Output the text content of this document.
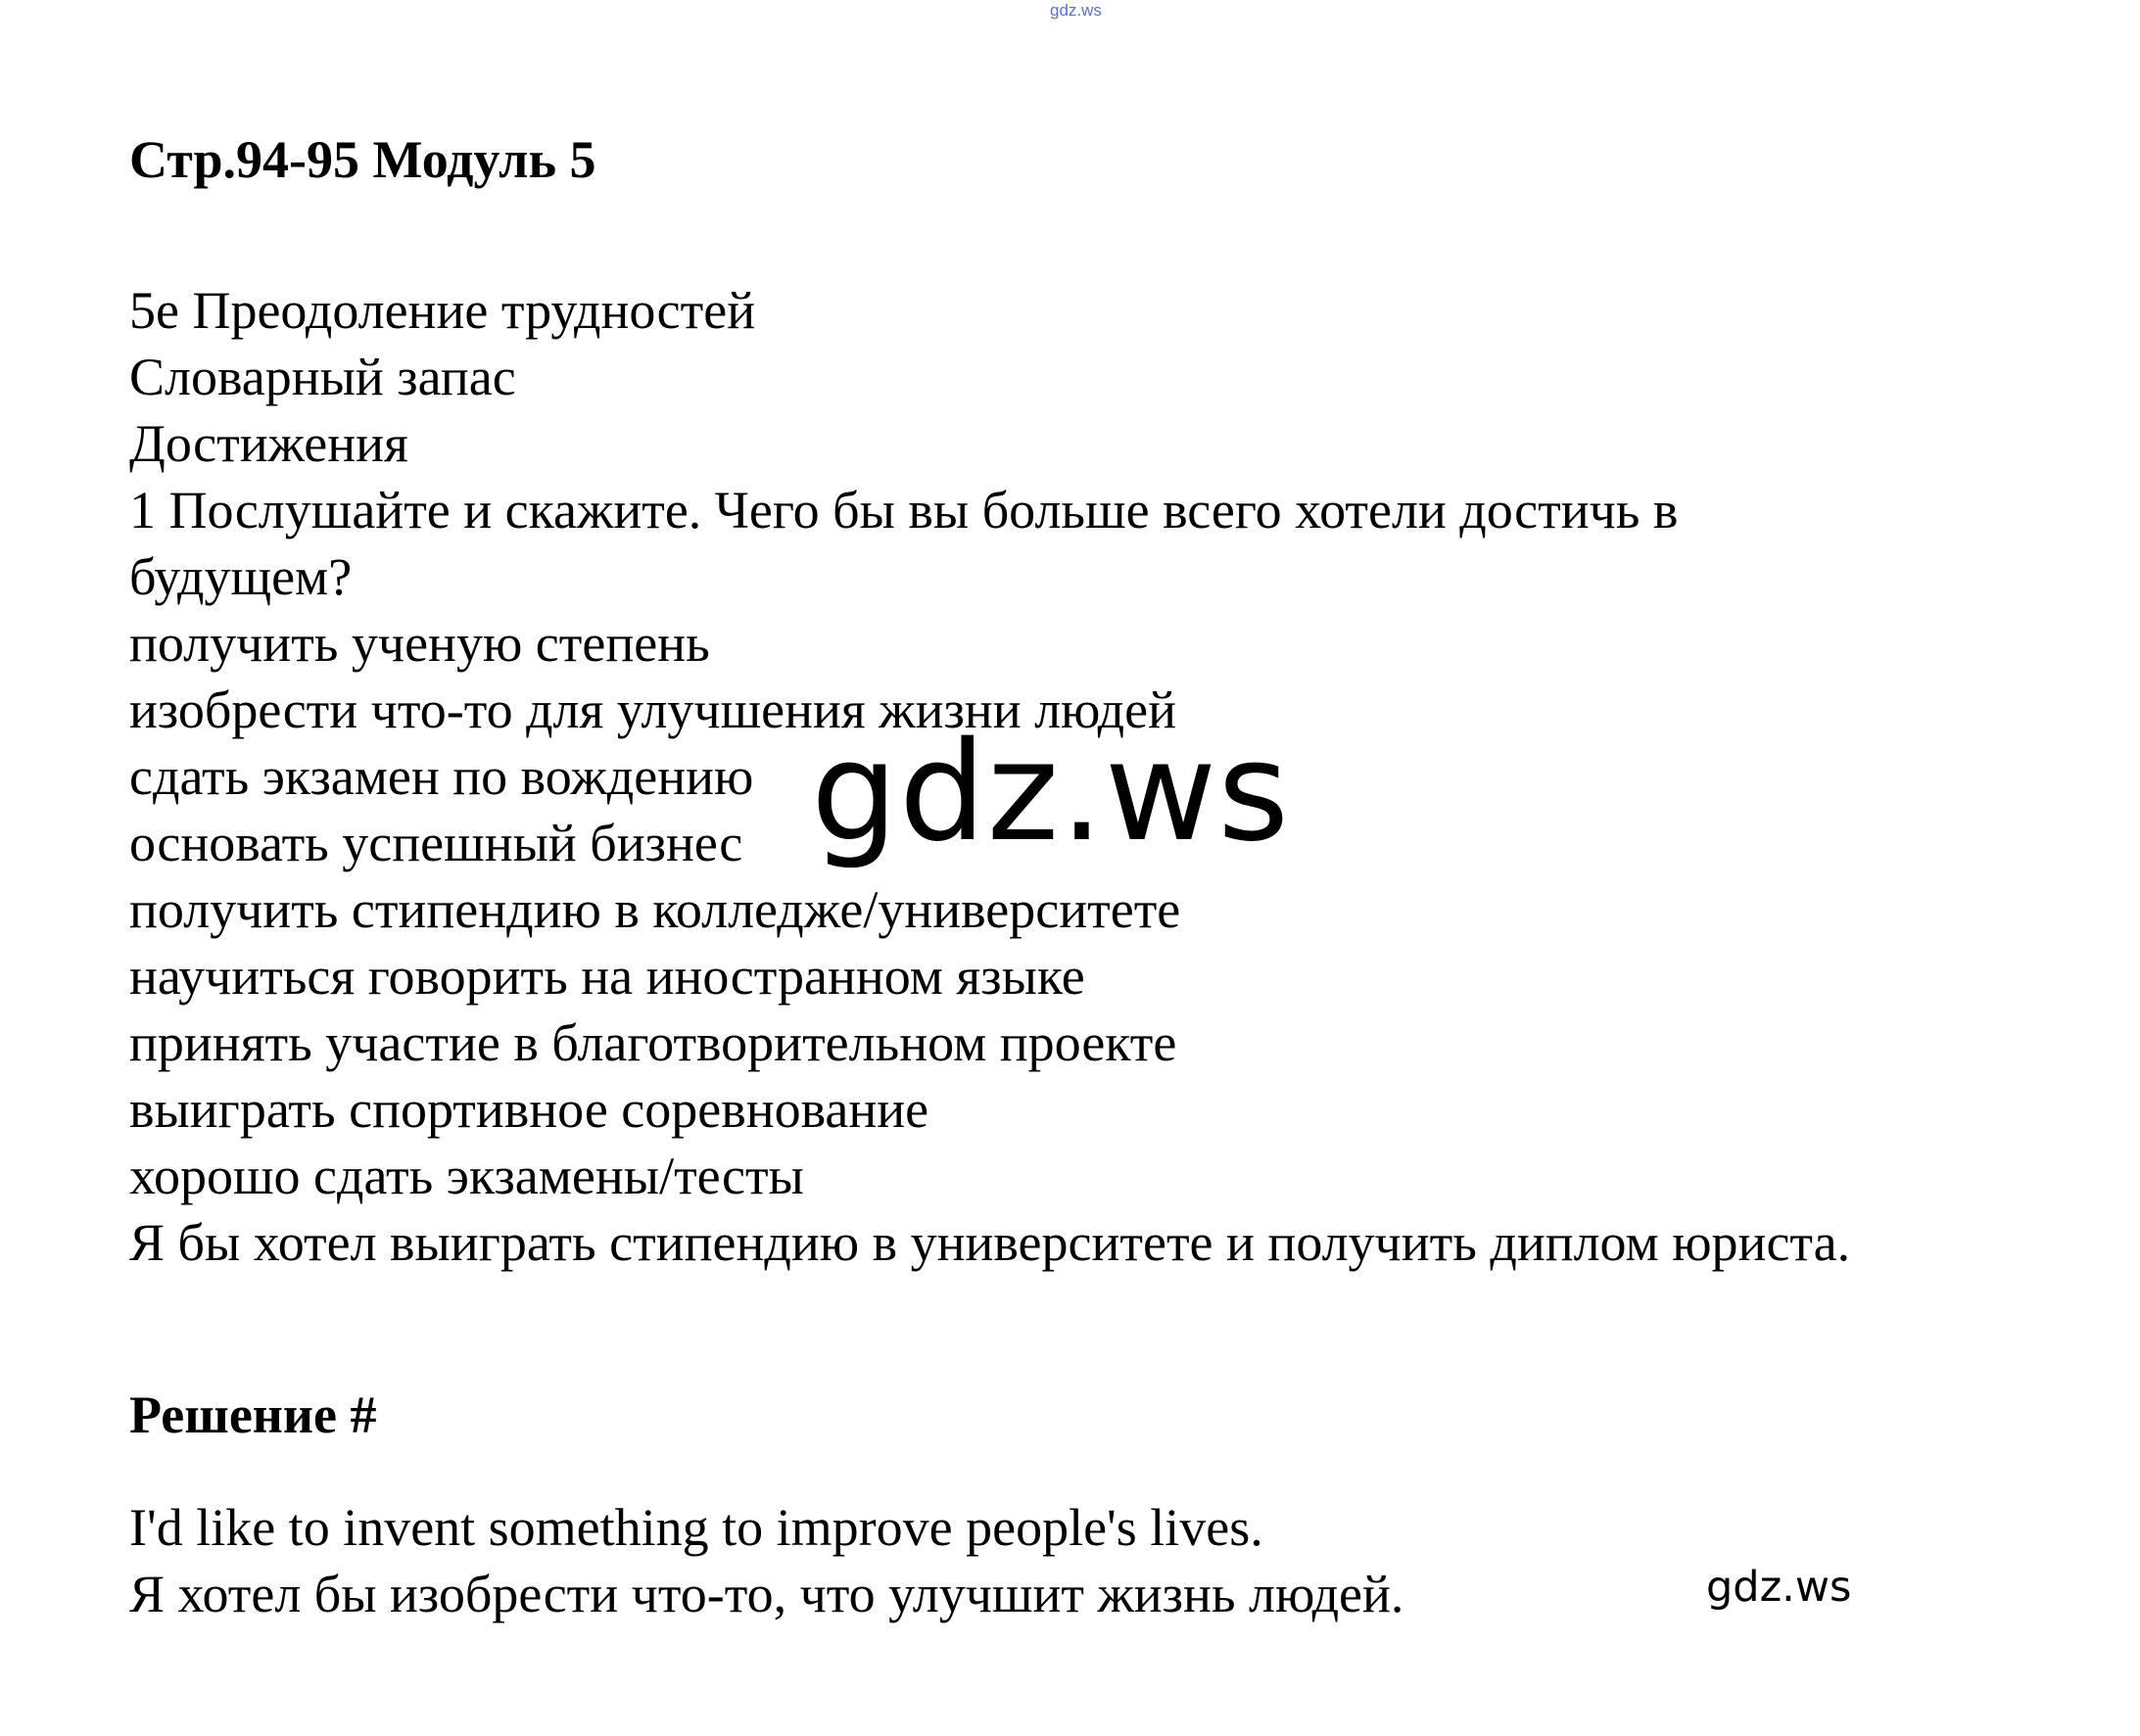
gdz.ws
Стр.94-95 Модуль 5
5e Преодоление трудностей
Словарный запас
Достижения
1 Послушайте и скажите. Чего бы вы больше всего хотели достичь в
будущем?
получить ученую степень
изобрести что-то для улучшения жизни людей
сдать экзамен по вождению
основать успешный бизнес
получить стипендию в колледже/университете
научиться говорить на иностранном языке
принять участие в благотворительном проекте
выиграть спортивное соревнование
хорошо сдать экзамены/тесты
Я бы хотел выиграть стипендию в университете и получить диплом юриста.
gdz.ws
Решение #
I'd like to invent something to improve people's lives.
Я хотел бы изобрести что-то, что улучшит жизнь людей.	gdz.ws
